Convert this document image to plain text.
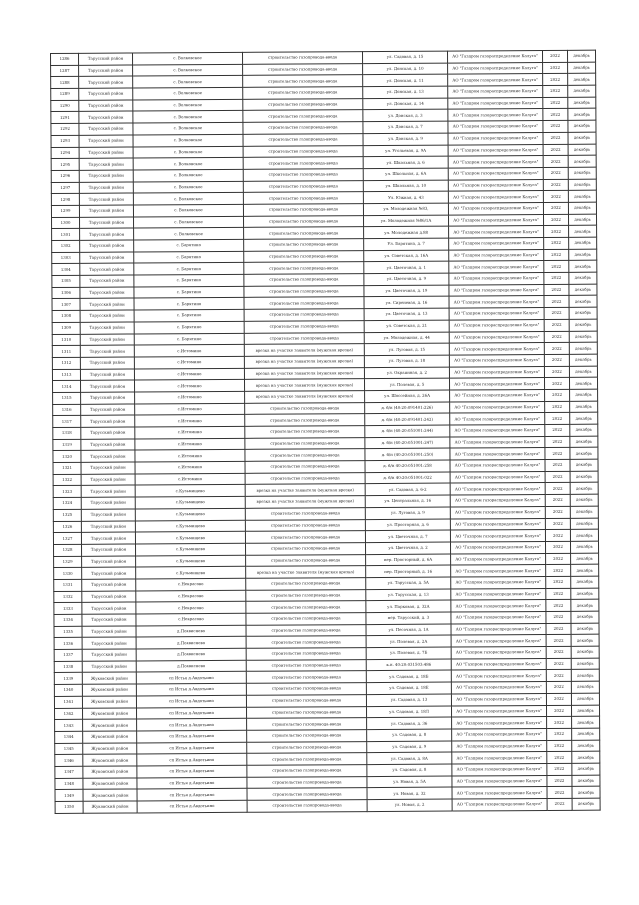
1286	Тарусский район	с. Волковское	строительство газопровода-ввода	ул. Садовая, д. 15	АО "Газпром газораспределение Калуга"	2022	декабрь
1287	Тарусский район	с. Волковское	строительство газопровода-ввода	ул. Донская, д. 10	АО "Газпром газораспределение Калуга"	2022	декабрь
1288	Тарусский район	с. Волковское	строительство газопровода-ввода	ул. Донская, д. 11	АО "Газпром газораспределение Калуга"	2022	декабрь
1289	Тарусский район	с. Волковское	строительство газопровода-ввода	ул. Донская, д. 13	АО "Газпром газораспределение Калуга"	2022	декабрь
1290	Тарусский район	с. Волковское	строительство газопровода-ввода	ул. Донская, д. 14	АО "Газпром газораспределение Калуга"	2022	декабрь
1291	Тарусский район	с. Волковское	строительство газопровода-ввода	ул. Донская, д. 3	АО "Газпром газораспределение Калуга"	2022	декабрь
1292	Тарусский район	с. Волковское	строительство газопровода-ввода	ул. Донская, д. 7	АО "Газпром газораспределение Калуга"	2022	декабрь
1293	Тарусский район	с. Волковское	строительство газопровода-ввода	ул. Донская, д. 9	АО "Газпром газораспределение Калуга"	2022	декабрь
1294	Тарусский район	с. Волковское	строительство газопровода-ввода	ул. Угольевая, д. 9А	АО "Газпром газораспределение Калуга"	2022	декабрь
1295	Тарусский район	с. Волковское	строительство газопровода-ввода	ул. Школьная, д. 6	АО "Газпром газораспределение Калуга"	2022	декабрь
1296	Тарусский район	с. Волковское	строительство газопровода-ввода	ул. Школьная, д. 6А	АО "Газпром газораспределение Калуга"	2022	декабрь
1297	Тарусский район	с. Волковское	строительство газопровода-ввода	ул. Школьная, д. 10	АО "Газпром газораспределение Калуга"	2022	декабрь
1298	Тарусский район	с. Волковское	строительство газопровода-ввода	Ул. Южная, д. 43	АО "Газпром газораспределение Калуга"	2022	декабрь
1299	Тарусский район	с. Волковское	строительство газопровода-ввода	ул. Молодежная №83,	АО "Газпром газораспределение Калуга"	2022	декабрь
1300	Тарусский район	с. Волковское	строительство газопровода-ввода	ул. Молодежная №86/1А	АО "Газпром газораспределение Калуга"	2022	декабрь
1301	Тарусский район	с. Волковское	строительство газопровода-ввода	ул. Молодежная д.88	АО "Газпром газораспределение Калуга"	2022	декабрь
1302	Тарусский район	с. Барятино	строительство газопровода-ввода	Ул. Барятина, д. 7	АО "Газпром газораспределение Калуга"	2022	декабрь
1303	Тарусский район	с. Барятино	строительство газопровода-ввода	ул. Советская, д. 16А	АО "Газпром газораспределение Калуга"	2022	декабрь
1304	Тарусский район	с. Барятино	строительство газопровода-ввода	ул. Цветочная, д. 1	АО "Газпром газораспределение Калуга"	2022	декабрь
1305	Тарусский район	с. Барятино	строительство газопровода-ввода	ул. Цветочная, д. 9	АО "Газпром газораспределение Калуга"	2022	декабрь
1306	Тарусский район	с. Барятино	строительство газопровода-ввода	ул. Цветочная, д. 19	АО "Газпром газораспределение Калуга"	2022	декабрь
1307	Тарусский район	с. Барятино	строительство газопровода-ввода	ул. Сиреневая, д. 16	АО "Газпром газораспределение Калуга"	2022	декабрь
1308	Тарусский район	с. Барятино	строительство газопровода-ввода	ул. Цветочная, д. 13	АО "Газпром газораспределение Калуга"	2022	декабрь
1309	Тарусский район	с. Барятино	строительство газопровода-ввода	ул. Советская, д. 21	АО "Газпром газораспределение Калуга"	2022	декабрь
1310	Тарусский район	с. Барятино	строительство газопровода-ввода	ул. Молодежная, д. 44	АО "Газпром газораспределение Калуга"	2022	декабрь
1311	Тарусский район	с.Истомино	врезка на участке заявителя (мужская врезка)	ул. Луговая, д. 15	АО "Газпром газораспределение Калуга"	2022	декабрь
1312	Тарусский район	с.Истомино	врезка на участке заявителя (мужская врезка)	ул. Луговая, д. 18	АО "Газпром газораспределение Калуга"	2022	декабрь
1313	Тарусский район	с.Истомино	врезка на участке заявителя (мужская врезка)	ул. Окраинная, д. 2	АО "Газпром газораспределение Калуга"	2022	декабрь
1314	Тарусский район	с.Истомино	врезка на участке заявителя (мужская врезка)	ул. Полевая, д. 5	АО "Газпром газораспределение Калуга"	2022	декабрь
1315	Тарусский район	с.Истомино	врезка на участке заявителя (мужская врезка)	ул. Шоссейная, д. 26А	АО "Газпром газораспределение Калуга"	2022	декабрь
1316	Тарусский район	с.Истомино	строительство газопровода-ввода	д. б/н (40:20:091401:226)	АО "Газпром газораспределение Калуга"	2022	декабрь
1317	Тарусский район	с.Истомино	строительство газопровода-ввода	д. б/н (40:20:091401:242)	АО "Газпром газораспределение Калуга"	2022	декабрь
1318	Тарусский район	с.Истомино	строительство газопровода-ввода	д. б/н (40:20:051001:244)	АО "Газпром газораспределение Калуга"	2022	декабрь
1319	Тарусский район	с.Истомино	строительство газопровода-ввода	д. б/н (40:20:051001:247)	АО "Газпром газораспределение Калуга"	2022	декабрь
1320	Тарусский район	с.Истомино	строительство газопровода-ввода	д. б/н (40:20:051001:250)	АО "Газпром газораспределение Калуга"	2022	декабрь
1321	Тарусский район	с.Истомино	строительство газопровода-ввода	д. б/н 40:20:051001:258	АО "Газпром газораспределение Калуга"	2022	декабрь
1322	Тарусский район	с.Истомино	строительство газопровода-ввода	д. б/н 40:20:051001:022	АО "Газпром газораспределение Калуга"	2022	декабрь
1323	Тарусский район	с.Кузьмищево	врезка на участке заявителя (мужская врезка)	ул. Садовая, д. 6-2	АО "Газпром газораспределение Калуга"	2022	декабрь
1324	Тарусский район	с.Кузьмищево	врезка на участке заявителя (мужская врезка)	ул. Центральная, д. 16	АО "Газпром газораспределение Калуга"	2022	декабрь
1325	Тарусский район	с.Кузьмищево	строительство газопровода-ввода	ул. Луговая, д. 9	АО "Газпром газораспределение Калуга"	2022	декабрь
1326	Тарусский район	с.Кузьмищево	строительство газопровода-ввода	ул. Просторная, д. 6	АО "Газпром газораспределение Калуга"	2022	декабрь
1327	Тарусский район	с.Кузьмищево	строительство газопровода-ввода	ул. Цветочная, д. 7	АО "Газпром газораспределение Калуга"	2022	декабрь
1328	Тарусский район	с.Кузьмищево	строительство газопровода-ввода	ул. Цветочная, д. 2	АО "Газпром газораспределение Калуга"	2022	декабрь
1329	Тарусский район	с.Кузьмищево	строительство газопровода-ввода	пер. Просторный, д. 6А	АО "Газпром газораспределение Калуга"	2022	декабрь
1330	Тарусский район	с.Кузьмищево	врезка на участке заявителя (мужская врезка)	пер. Просторный, д. 16	АО "Газпром газораспределение Калуга"	2022	декабрь
1331	Тарусский район	с.Некрасово	строительство газопровода-ввода	ул. Тарусская, д. 5А	АО "Газпром газораспределение Калуга"	2022	декабрь
1332	Тарусский район	с.Некрасово	строительство газопровода-ввода	ул. Тарусская, д. 13	АО "Газпром газораспределение Калуга"	2022	декабрь
1333	Тарусский район	с.Некрасово	строительство газопровода-ввода	ул. Парковая, д. 32А	АО "Газпром газораспределение Калуга"	2022	декабрь
1334	Тарусский район	с.Некрасово	строительство газопровода-ввода	пер. Тарусский, д. 3	АО "Газпром газораспределение Калуга"	2022	декабрь
1335	Тарусский район	д.Похвиснево	строительство газопровода-ввода	ул. Песочная, д. 1А	АО "Газпром газораспределение Калуга"	2022	декабрь
1336	Тарусский район	д.Похвиснево	строительство газопровода-ввода	ул. Полевая, д. 2А	АО "Газпром газораспределение Калуга"	2022	декабрь
1337	Тарусский район	д.Похвиснево	строительство газопровода-ввода	ул. Полевая, д. 7Б	АО "Газпром газораспределение Калуга"	2022	декабрь
1338	Тарусский район	д.Похвиснево	строительство газопровода-ввода	к.н. 40:20:031503:486	АО "Газпром газораспределение Калуга"	2022	декабрь
1339	Жуковский район	сп Истья д.Авдотьино	строительство газопровода-ввода	ул. Садовая, д. 18Б	АО "Газпром газораспределение Калуга"	2022	декабрь
1340	Жуковский район	сп Истья д.Авдотьино	строительство газопровода-ввода	ул. Садовая, д. 18Е	АО "Газпром газораспределение Калуга"	2022	декабрь
1341	Жуковский район	сп Истья д.Авдотьино	строительство газопровода-ввода	ул. Садовая, д. 13	АО "Газпром газораспределение Калуга"	2022	декабрь
1342	Жуковский район	сп Истья д.Авдотьино	строительство газопровода-ввода	ул. Садовая, д. 18Л	АО "Газпром газораспределение Калуга"	2022	декабрь
1343	Жуковский район	сп Истья д.Авдотьино	строительство газопровода-ввода	ул. Садовая, д. 36	АО "Газпром газораспределение Калуга"	2022	декабрь
1344	Жуковский район	сп Истья д.Авдотьино	строительство газопровода-ввода	ул. Садовая, д. 8	АО "Газпром газораспределение Калуга"	2022	декабрь
1345	Жуковский район	сп Истья д.Авдотьино	строительство газопровода-ввода	ул. Садовая, д. 9	АО "Газпром газораспределение Калуга"	2022	декабрь
1346	Жуковский район	сп Истья д.Авдотьино	строительство газопровода-ввода	ул. Садовая, д. 8А	АО "Газпром газораспределение Калуга"	2022	декабрь
1347	Жуковский район	сп Истья д.Авдотьино	строительство газопровода-ввода	ул. Садовая, д. 8	АО "Газпром газораспределение Калуга"	2022	декабрь
1348	Жуковский район	сп Истья д.Авдотьино	строительство газопровода-ввода	ул. Новая, д. 5А	АО "Газпром газораспределение Калуга"	2022	декабрь
1349	Жуковский район	сп Истья д.Авдотьино	строительство газопровода-ввода	ул. Новая, д. 32	АО "Газпром газораспределение Калуга"	2022	декабрь
1350	Жуковский район	сп Истья д.Авдотьино	строительство газопровода-ввода	ул. Новая, д. 2	АО "Газпром газораспределение Калуга"	2022	декабрь
